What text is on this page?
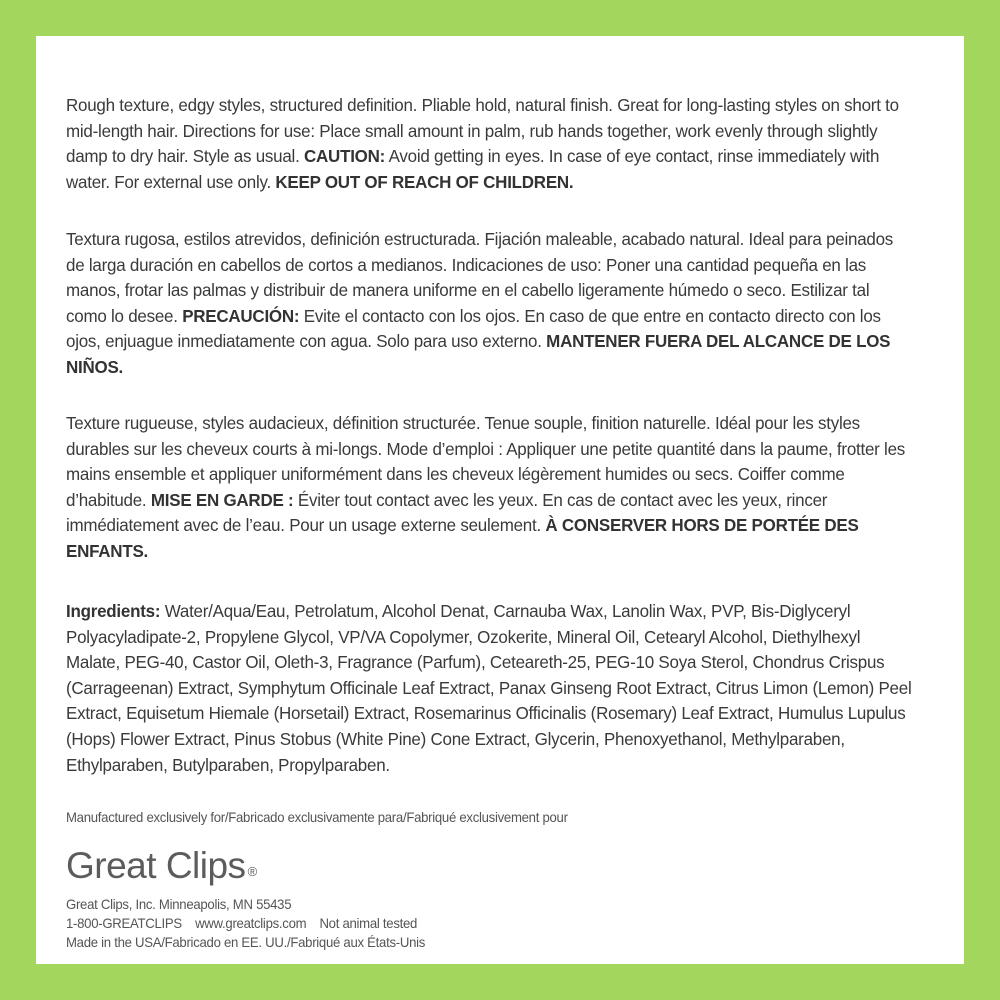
Rough texture, edgy styles, structured definition. Pliable hold, natural finish. Great for long-lasting styles on short to mid-length hair. Directions for use: Place small amount in palm, rub hands together, work evenly through slightly damp to dry hair. Style as usual. CAUTION: Avoid getting in eyes. In case of eye contact, rinse immediately with water. For external use only. KEEP OUT OF REACH OF CHILDREN.

Textura rugosa, estilos atrevidos, definición estructurada. Fijación maleable, acabado natural. Ideal para peinados de larga duración en cabellos de cortos a medianos. Indicaciones de uso: Poner una cantidad pequeña en las manos, frotar las palmas y distribuir de manera uniforme en el cabello ligeramente húmedo o seco. Estilizar tal como lo desee. PRECAUCIÓN: Evite el contacto con los ojos. En caso de que entre en contacto directo con los ojos, enjuague inmediatamente con agua. Solo para uso externo. MANTENER FUERA DEL ALCANCE DE LOS NIÑOS.

Texture rugueuse, styles audacieux, définition structurée. Tenue souple, finition naturelle. Idéal pour les styles durables sur les cheveux courts à mi-longs. Mode d’emploi : Appliquer une petite quantité dans la paume, frotter les mains ensemble et appliquer uniformément dans les cheveux légèrement humides ou secs. Coiffer comme d’habitude. MISE EN GARDE : Éviter tout contact avec les yeux. En cas de contact avec les yeux, rincer immédiatement avec de l’eau. Pour un usage externe seulement. À CONSERVER HORS DE PORTÉE DES ENFANTS.

Ingredients: Water/Aqua/Eau, Petrolatum, Alcohol Denat, Carnauba Wax, Lanolin Wax, PVP, Bis-Diglyceryl Polyacyladipate-2, Propylene Glycol, VP/VA Copolymer, Ozokerite, Mineral Oil, Cetearyl Alcohol, Diethylhexyl Malate, PEG-40, Castor Oil, Oleth-3, Fragrance (Parfum), Ceteareth-25, PEG-10 Soya Sterol, Chondrus Crispus (Carrageenan) Extract, Symphytum Officinale Leaf Extract, Panax Ginseng Root Extract, Citrus Limon (Lemon) Peel Extract, Equisetum Hiemale (Horsetail) Extract, Rosemarinus Officinalis (Rosemary) Leaf Extract, Humulus Lupulus (Hops) Flower Extract, Pinus Stobus (White Pine) Cone Extract, Glycerin, Phenoxyethanol, Methylparaben, Ethylparaben, Butylparaben, Propylparaben.

Manufactured exclusively for/Fabricado exclusivamente para/Fabriqué exclusivement pour

Great Clips ®

Great Clips, Inc. Minneapolis, MN 55435

1-800-GREATCLIPS www.greatclips.com Not animal tested

Made in the USA/Fabricado en EE. UU./Fabriqué aux États-Unis
